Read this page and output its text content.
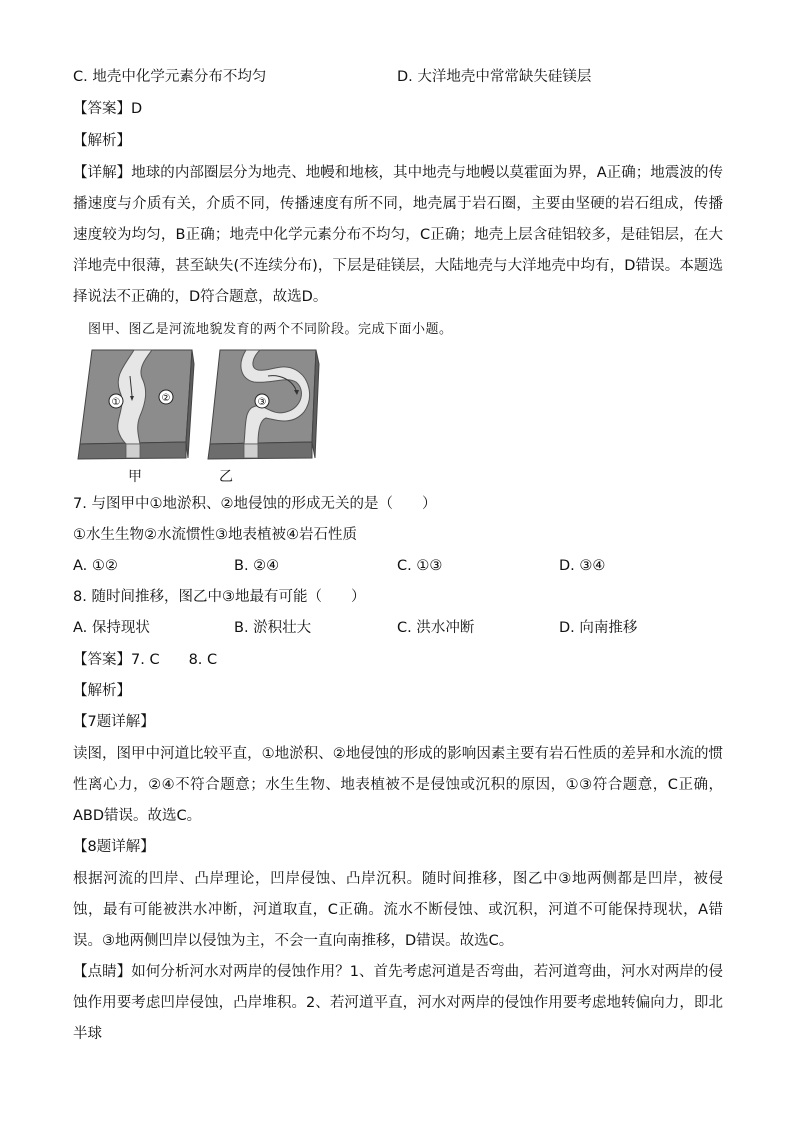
C. 地壳中化学元素分布不均匀	D. 大洋地壳中常常缺失硅镁层
【答案】D
【解析】
【详解】地球的内部圈层分为地壳、地幔和地核，其中地壳与地幔以莫霍面为界，A正确；地震波的传播速度与介质有关，介质不同，传播速度有所不同，地壳属于岩石圈，主要由坚硬的岩石组成，传播速度较为均匀，B正确；地壳中化学元素分布不均匀，C正确；地壳上层含硅铝较多，是硅铝层，在大洋地壳中很薄，甚至缺失(不连续分布)，下层是硅镁层，大陆地壳与大洋地壳中均有，D错误。本题选择说法不正确的，D符合题意，故选D。
图甲、图乙是河流地貌发育的两个不同阶段。完成下面小题。
①	②	③
甲	乙
7. 与图甲中①地淤积、②地侵蚀的形成无关的是（　　）
①水生生物②水流惯性③地表植被④岩石性质
A. ①②	B. ②④	C. ①③	D. ③④
8. 随时间推移，图乙中③地最有可能（　　）
A. 保持现状	B. 淤积壮大	C. 洪水冲断	D. 向南推移
【答案】7. C　　8. C
【解析】
【7题详解】
读图，图甲中河道比较平直，①地淤积、②地侵蚀的形成的影响因素主要有岩石性质的差异和水流的惯性离心力，②④不符合题意；水生生物、地表植被不是侵蚀或沉积的原因，①③符合题意，C正确，ABD错误。故选C。
【8题详解】
根据河流的凹岸、凸岸理论，凹岸侵蚀、凸岸沉积。随时间推移，图乙中③地两侧都是凹岸，被侵蚀，最有可能被洪水冲断，河道取直，C正确。流水不断侵蚀、或沉积，河道不可能保持现状，A错误。③地两侧凹岸以侵蚀为主，不会一直向南推移，D错误。故选C。
【点睛】如何分析河水对两岸的侵蚀作用？1、首先考虑河道是否弯曲，若河道弯曲，河水对两岸的侵蚀作用要考虑凹岸侵蚀，凸岸堆积。2、若河道平直，河水对两岸的侵蚀作用要考虑地转偏向力，即北半球
